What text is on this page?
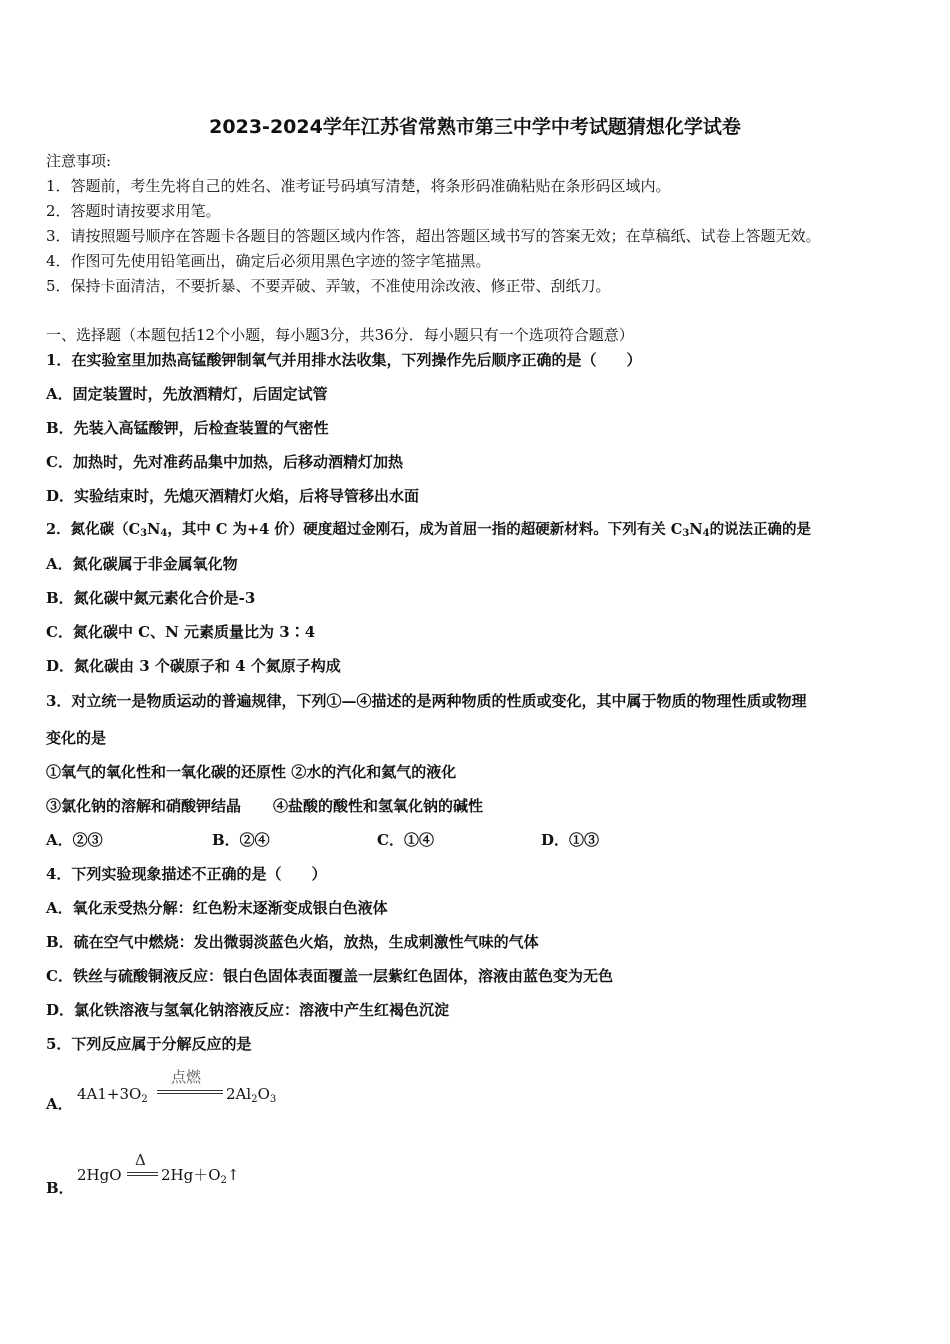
2023-2024学年江苏省常熟市第三中学中考试题猜想化学试卷
注意事项:
1．答题前，考生先将自己的姓名、准考证号码填写清楚，将条形码准确粘贴在条形码区域内。
2．答题时请按要求用笔。
3．请按照题号顺序在答题卡各题目的答题区域内作答，超出答题区域书写的答案无效；在草稿纸、试卷上答题无效。
4．作图可先使用铅笔画出，确定后必须用黑色字迹的签字笔描黑。
5．保持卡面清洁，不要折暴、不要弄破、弄皱，不准使用涂改液、修正带、刮纸刀。
一、选择题（本题包括12个小题，每小题3分，共36分．每小题只有一个选项符合题意）
1．在实验室里加热高锰酸钾制氧气并用排水法收集，下列操作先后顺序正确的是（　　）
A．固定装置时，先放酒精灯，后固定试管
B．先装入高锰酸钾，后检查装置的气密性
C．加热时，先对准药品集中加热，后移动酒精灯加热
D．实验结束时，先熄灭酒精灯火焰，后将导管移出水面
2．氮化碳（$C_3N_4$，其中 C 为+4 价）硬度超过金刚石，成为首屈一指的超硬新材料。下列有关 $C_3N_4$的说法正确的是
A．氮化碳属于非金属氧化物
B．氮化碳中氮元素化合价是-3
C．氮化碳中 C、N 元素质量比为 3∶4
D．氮化碳由 3 个碳原子和 4 个氮原子构成
3．对立统一是物质运动的普遍规律，下列①—④描述的是两种物质的性质或变化，其中属于物质的物理性质或物理
变化的是
①氧气的氧化性和一氧化碳的还原性 ②水的汽化和氦气的液化
③氯化钠的溶解和硝酸钾结晶 ④盐酸的酸性和氢氧化钠的碱性
A．②③	B．②④	C．①④	D．①③
4．下列实验现象描述不正确的是（　　）
A．氧化汞受热分解：红色粉末逐渐变成银白色液体
B．硫在空气中燃烧：发出微弱淡蓝色火焰，放热，生成刺激性气味的气体
C．铁丝与硫酸铜液反应：银白色固体表面覆盖一层紫红色固体，溶液由蓝色变为无色
D．氯化铁溶液与氢氧化钠溶液反应：溶液中产生红褐色沉淀
5．下列反应属于分解反应的是
A．
$4A1+3O_2$
点燃
$2Al_2O_3$
B．
2HgO
Δ
$2Hg+O_2↑$
